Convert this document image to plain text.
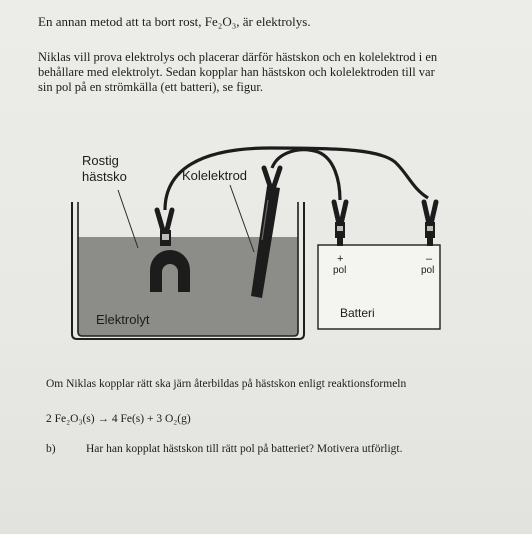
En annan metod att ta bort rost, Fe₂O₃, är elektrolys.
Niklas vill prova elektrolys och placerar därför hästskon och en kolelektrod i en
behållare med elektrolyt. Sedan kopplar han hästskon och kolelektroden till var
sin pol på en strömkälla (ett batteri), se figur.
Rostig
hästsko	Kolelektrod
Elektrolyt	Batteri
+
pol
–
pol
Om Niklas kopplar rätt ska järn återbildas på hästskon enligt reaktionsformeln
2 Fe₂O₃(s) → 4 Fe(s) + 3 O₂(g)
b)	Har han kopplat hästskon till rätt pol på batteriet? Motivera utförligt.
